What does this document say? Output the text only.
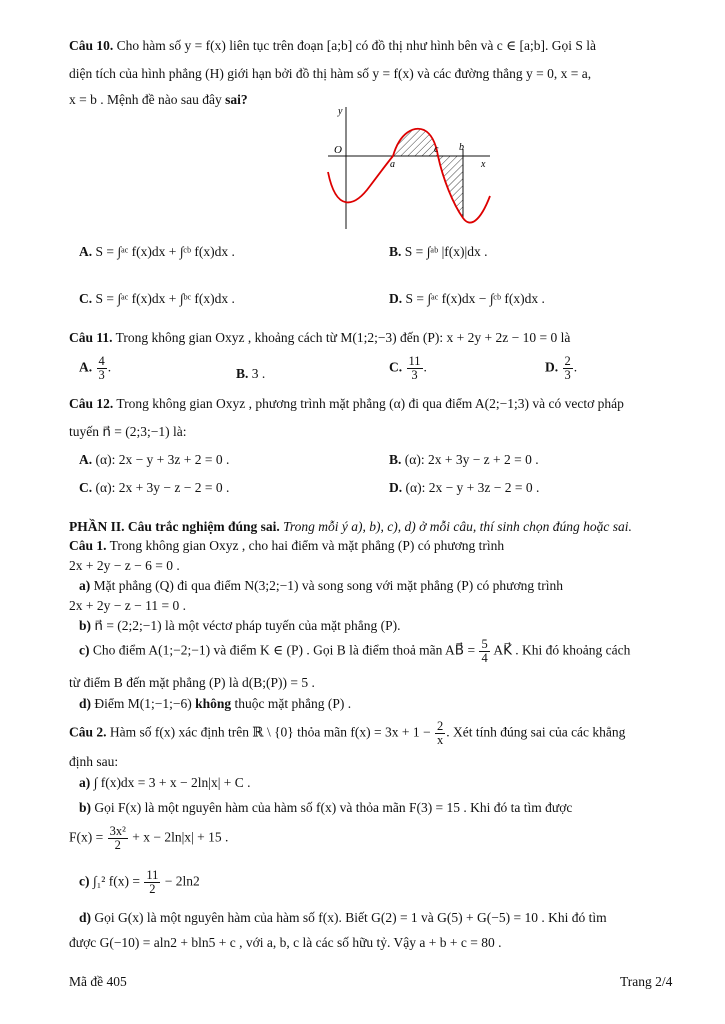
Câu 10. Cho hàm số y = f(x) liên tục trên đoạn [a;b] có đồ thị như hình bên và c ∈ [a;b]. Gọi S là
diện tích của hình phẳng (H) giới hạn bởi đồ thị hàm số y = f(x) và các đường thẳng y = 0, x = a,
x = b . Mệnh đề nào sau đây sai?
y
O
a
c b
x
A. S = ∫ᵃᶜ f(x)dx + ∫ᶜᵇ f(x)dx .	B. S = ∫ᵃᵇ |f(x)|dx .
C. S = ∫ᵃᶜ f(x)dx + ∫ᵇᶜ f(x)dx .	D. S = ∫ᵃᶜ f(x)dx − ∫ᶜᵇ f(x)dx .
Câu 11. Trong không gian Oxyz , khoảng cách từ M(1;2;−3) đến (P): x + 2y + 2z − 10 = 0 là
A. $\frac{4}{3}$ .	B. 3 .	C. $\frac{11}{3}$ .	D. $\frac{2}{3}$ .
Câu 12. Trong không gian Oxyz , phương trình mặt phẳng (α) đi qua điểm A(2;−1;3) và có vectơ pháp
tuyến n⃗ = (2;3;−1) là:
A. (α): 2x − y + 3z + 2 = 0 .	B. (α): 2x + 3y − z + 2 = 0 .
C. (α): 2x + 3y − z − 2 = 0 .	D. (α): 2x − y + 3z − 2 = 0 .
PHẦN II. Câu trắc nghiệm đúng sai. Trong mỗi ý a), b), c), d) ở mỗi câu, thí sinh chọn đúng hoặc sai.
Câu 1. Trong không gian Oxyz , cho hai điểm và mặt phẳng (P) có phương trình
2x + 2y − z − 6 = 0 .
a) Mặt phẳng (Q) đi qua điểm N(3;2;−1) và song song với mặt phẳng (P) có phương trình
2x + 2y − z − 11 = 0 .
b) n⃗ = (2;2;−1) là một véctơ pháp tuyến của mặt phẳng (P).
c) Cho điểm A(1;−2;−1) và điểm K ∈ (P) . Gọi B là điểm thoả mãn AB⃗ = $\frac{5}{4}$ AK⃗ . Khi đó khoảng cách
từ điểm B đến mặt phẳng (P) là d(B;(P)) = 5 .
d) Điểm M(1;−1;−6) không thuộc mặt phẳng (P) .
Câu 2. Hàm số f(x) xác định trên ℝ \ {0} thỏa mãn $f(x) = 3x + 1 - \frac{2}{x}$ . Xét tính đúng sai của các khẳng
định sau:
a) ∫ f(x)dx = 3 + x − 2ln|x| + C .
b) Gọi F(x) là một nguyên hàm của hàm số f(x) và thỏa mãn F(3) = 15 . Khi đó ta tìm được
$F(x) = \frac{\text{3x²}}{2} + x - 2\ln|x| + 15$ .
c) ∫₁² $f(x) = \frac{11}{2} - 2\ln 2$
d) Gọi G(x) là một nguyên hàm của hàm số f(x). Biết G(2) = 1 và G(5) + G(−5) = 10 . Khi đó tìm
được G(−10) = aln2 + bln5 + c , với a, b, c là các số hữu tỷ. Vậy a + b + c = 80 .
Mã đề 405	Trang 2/4
